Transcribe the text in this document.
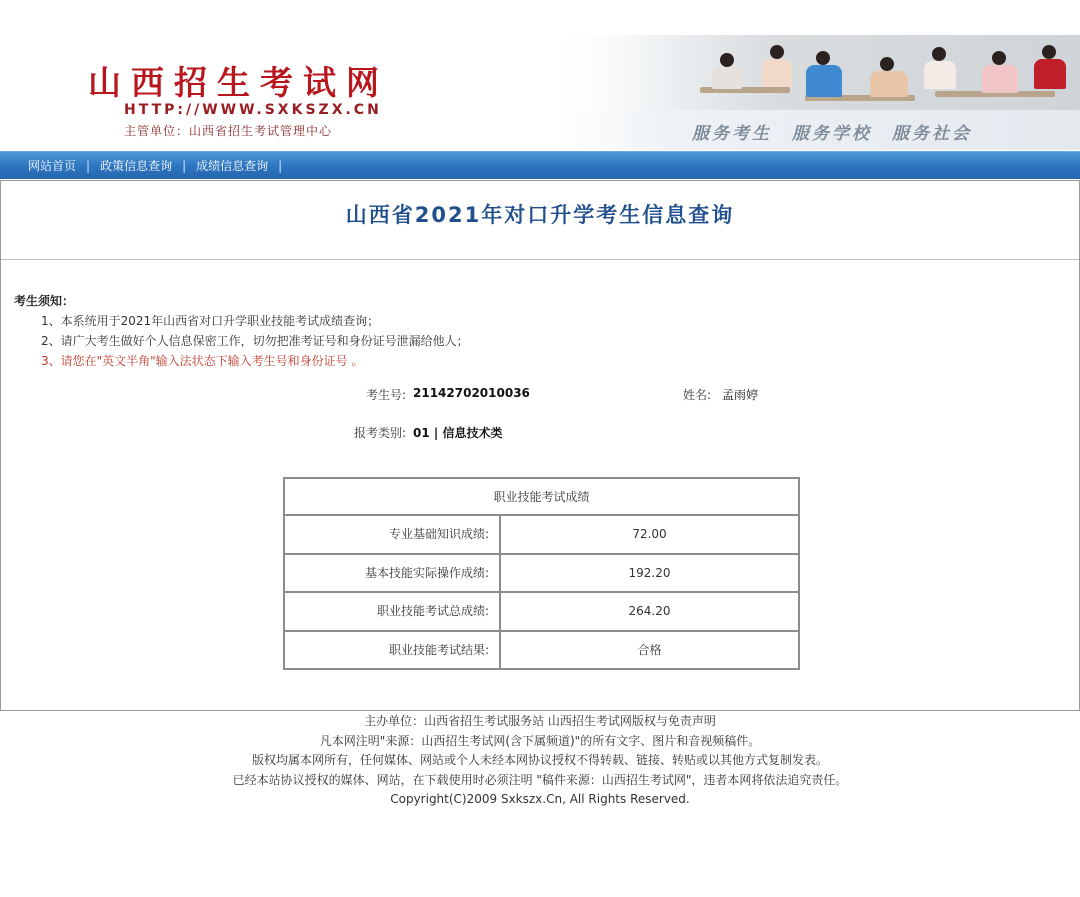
山西招生考试网
HTTP://WWW.SXKSZX.CN
主管单位：山西省招生考试管理中心	服务考生 服务学校 服务社会
网站首页 | 政策信息查询 | 成绩信息查询 |
山西省2021年对口升学考生信息查询
考生须知：
1、本系统用于2021年山西省对口升学职业技能考试成绩查询；
2、请广大考生做好个人信息保密工作，切勿把准考证号和身份证号泄漏给他人；
3、请您在"英文半角"输入法状态下输入考生号和身份证号 。
考生号: 21142702010036	姓名: 孟雨婷
报考类别: 01 | 信息技术类
职业技能考试成绩
专业基础知识成绩:	72.00
基本技能实际操作成绩:	192.20
职业技能考试总成绩:	264.20
职业技能考试结果:	合格
主办单位：山西省招生考试服务站 山西招生考试网版权与免责声明
凡本网注明"来源：山西招生考试网(含下属频道)"的所有文字、图片和音视频稿件。
版权均属本网所有，任何媒体、网站或个人未经本网协议授权不得转载、链接、转贴或以其他方式复制发表。
已经本站协议授权的媒体、网站，在下载使用时必须注明 "稿件来源：山西招生考试网"，违者本网将依法追究责任。
Copyright(C)2009 Sxkszx.Cn, All Rights Reserved.
